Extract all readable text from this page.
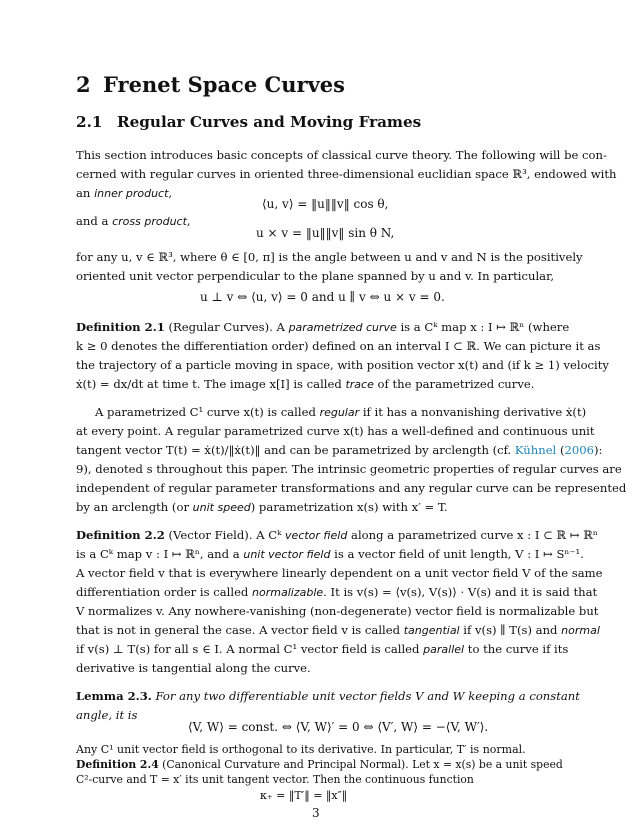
2 Frenet Space Curves
2.1 Regular Curves and Moving Frames
This section introduces basic concepts of classical curve theory. The following will be con-
cerned with regular curves in oriented three-dimensional euclidian space ℝ³, endowed with
an inner product,
⟨u, v⟩ = ‖u‖‖v‖ cos θ,
and a cross product,
u × v = ‖u‖‖v‖ sin θ N,
for any u, v ∈ ℝ³, where θ ∈ [0, π] is the angle between u and v and N is the positively
oriented unit vector perpendicular to the plane spanned by u and v. In particular,
u ⊥ v ⇔ ⟨u, v⟩ = 0 and u ∥ v ⇔ u × v = 0.
Definition 2.1 (Regular Curves). A parametrized curve is a Cᵏ map x : I ↦ ℝⁿ (where
k ≥ 0 denotes the differentiation order) defined on an interval I ⊂ ℝ. We can picture it as
the trajectory of a particle moving in space, with position vector x(t) and (if k ≥ 1) velocity
ẋ(t) = dx/dt at time t. The image x[I] is called trace of the parametrized curve.
A parametrized C¹ curve x(t) is called regular if it has a nonvanishing derivative ẋ(t)
at every point. A regular parametrized curve x(t) has a well-defined and continuous unit
tangent vector T(t) = ẋ(t)/‖ẋ(t)‖ and can be parametrized by arclength (cf. Kühnel (2006):
9), denoted s throughout this paper. The intrinsic geometric properties of regular curves are
independent of regular parameter transformations and any regular curve can be represented
by an arclength (or unit speed) parametrization x(s) with x′ = T.
Definition 2.2 (Vector Field). A Cᵏ vector field along a parametrized curve x : I ⊂ ℝ ↦ ℝⁿ
is a Cᵏ map v : I ↦ ℝⁿ, and a unit vector field is a vector field of unit length, V : I ↦ Sⁿ⁻¹.
A vector field v that is everywhere linearly dependent on a unit vector field V of the same
differentiation order is called normalizable. It is v(s) = ⟨v(s), V(s)⟩ · V(s) and it is said that
V normalizes v. Any nowhere-vanishing (non-degenerate) vector field is normalizable but
that is not in general the case. A vector field v is called tangential if v(s) ∥ T(s) and normal
if v(s) ⊥ T(s) for all s ∈ I. A normal C¹ vector field is called parallel to the curve if its
derivative is tangential along the curve.
Lemma 2.3. For any two differentiable unit vector fields V and W keeping a constant
angle, it is
⟨V, W⟩ = const. ⇔ ⟨V, W⟩′ = 0 ⇔ ⟨V′, W⟩ = −⟨V, W′⟩.
Any C¹ unit vector field is orthogonal to its derivative. In particular, T′ is normal.
Definition 2.4 (Canonical Curvature and Principal Normal). Let x = x(s) be a unit speed
C²-curve and T = x′ its unit tangent vector. Then the continuous function
κ₊ = ‖T′‖ = ‖x″‖
3
